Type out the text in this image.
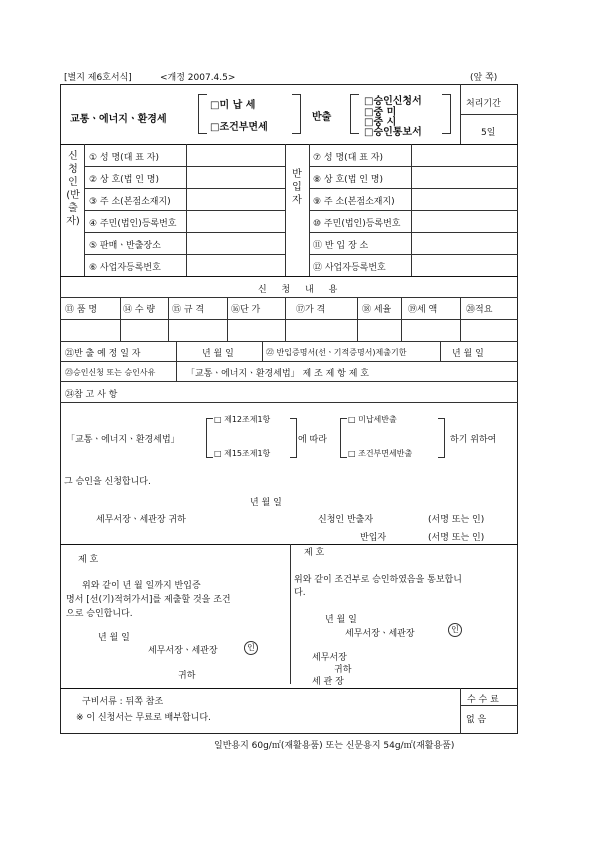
[별지 제6호서식]	<개정 2007.4.5>	(앞 쪽)
교통ㆍ에너지ㆍ환경세
□미 납 세
□조건부면세
반출
□승인신청서
□중 미
□중 시
□승인통보서
처리기간
5일
신청인(반출자)
반입자
① 성 명(대 표 자)
② 상 호(법 인 명)
③ 주 소(본점소재지)
④ 주민(법인)등록번호
⑤ 판매ㆍ반출장소
⑥ 사업자등록번호
⑦ 성 명(대 표 자)
⑧ 상 호(법 인 명)
⑨ 주 소(본점소재지)
⑩ 주민(법인)등록번호
⑪ 반 입 장 소
⑫ 사업자등록번호
신 청 내 용
⑬ 품 명	⑭ 수 량 ⑮ 규 격	⑯단 가	⑰가 격	⑱ 세율 ⑲세 액	⑳적요
㉑반 출 예 정 일 자	년 월 일	㉒ 반입증명서(선ㆍ기적증명서)제출기한	년 월 일
㉓승인신청 또는 승인사유	「교통ㆍ에너지ㆍ환경세법」 제 조 제 항 제 호
㉔참 고 사 항
「교통ㆍ에너지ㆍ환경세법」
□ 제12조제1항
□ 제15조제1항
에 따라
□ 미납세반출
□ 조건부면세반출
하기 위하여
그 승인을 신청합니다.
년 월 일
세무서장ㆍ세관장 귀하	신청인 반출자	(서명 또는 인)
반입자	(서명 또는 인)
제 호
위와 같이 년 월 일까지 반입증
명서 [선(기)적허가서]를 제출할 것을 조건
으로 승인합니다.
년 월 일
세무서장ㆍ세관장	인
귀하
제 호
위와 같이 조건부로 승인하였음을 통보합니
다.
년 월 일
세무서장ㆍ세관장	인
세무서장
귀하
세 관 장
구비서류 : 뒤쪽 참조
※ 이 신청서는 무료로 배부합니다.
수 수 료
없 음
일반용지 60g/㎡(재활용품) 또는 신문용지 54g/㎡(재활용품)
